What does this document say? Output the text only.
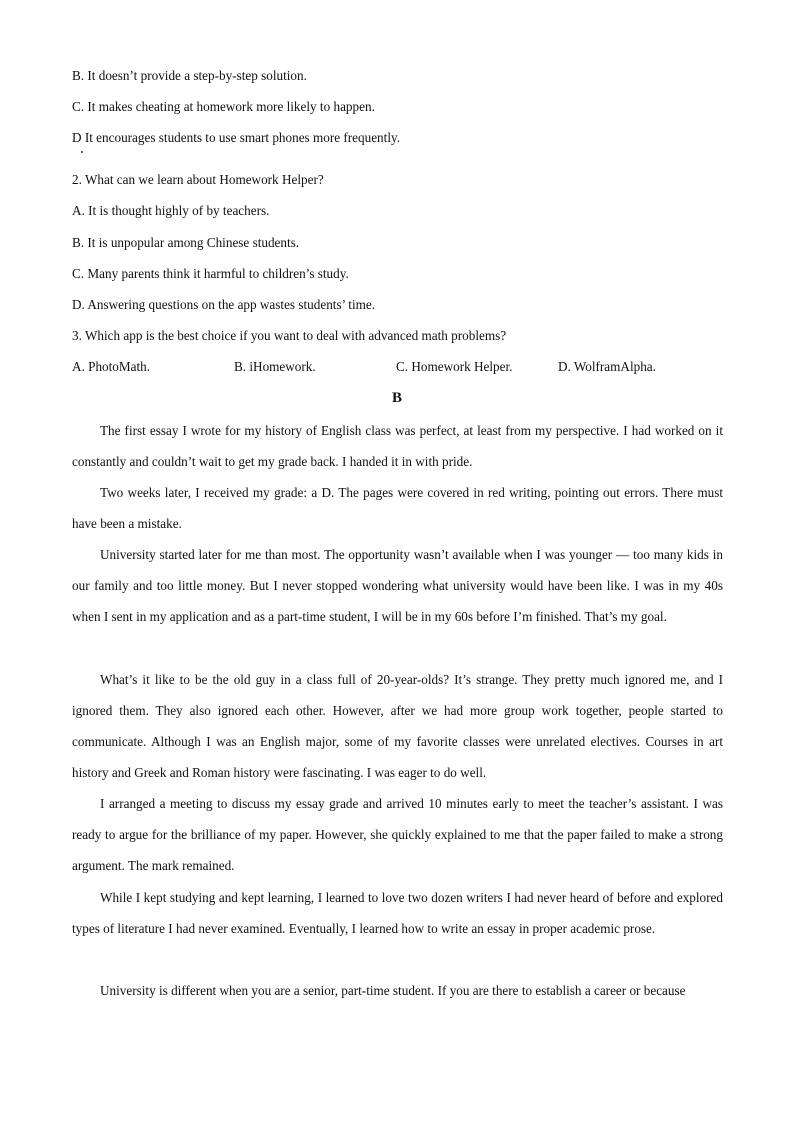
B. It doesn’t provide a step-by-step solution.
C. It makes cheating at homework more likely to happen.
D It encourages students to use smart phones more frequently.
2. What can we learn about Homework Helper?
A. It is thought highly of by teachers.
B. It is unpopular among Chinese students.
C. Many parents think it harmful to children’s study.
D. Answering questions on the app wastes students’ time.
3. Which app is the best choice if you want to deal with advanced math problems?
A. PhotoMath.	B. iHomework.	C. Homework Helper.	D. WolframAlpha.
B

The first essay I wrote for my history of English class was perfect, at least from my perspective. I had worked on it constantly and couldn’t wait to get my grade back. I handed it in with pride.

Two weeks later, I received my grade: a D. The pages were covered in red writing, pointing out errors. There must have been a mistake.

University started later for me than most. The opportunity wasn’t available when I was younger — too many kids in our family and too little money. But I never stopped wondering what university would have been like. I was in my 40s when I sent in my application and as a part-time student, I will be in my 60s before I’m finished. That’s my goal.

What’s it like to be the old guy in a class full of 20-year-olds? It’s strange. They pretty much ignored me, and I ignored them. They also ignored each other. However, after we had more group work together, people started to communicate. Although I was an English major, some of my favorite classes were unrelated electives. Courses in art history and Greek and Roman history were fascinating. I was eager to do well.

I arranged a meeting to discuss my essay grade and arrived 10 minutes early to meet the teacher’s assistant. I was ready to argue for the brilliance of my paper. However, she quickly explained to me that the paper failed to make a strong argument. The mark remained.

While I kept studying and kept learning, I learned to love two dozen writers I had never heard of before and explored types of literature I had never examined. Eventually, I learned how to write an essay in proper academic prose.

University is different when you are a senior, part-time student. If you are there to establish a career or because
